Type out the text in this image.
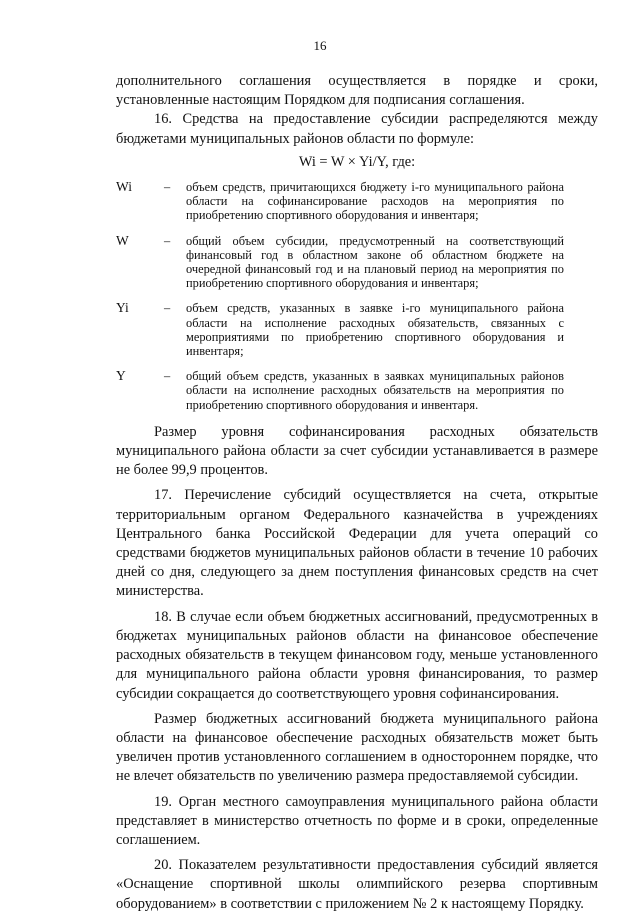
16

дополнительного соглашения осуществляется в порядке и сроки, установленные настоящим Порядком для подписания соглашения.

16. Средства на предоставление субсидии распределяются между бюджетами муниципальных районов области по формуле:

Wi = W × Yi/Y, где:

Wi	–	объем средств, причитающихся бюджету i-го муниципального района области на софинансирование расходов на мероприятия по приобретению спортивного оборудования и инвентаря;
W	–	общий объем субсидии, предусмотренный на соответствующий финансовый год в областном законе об областном бюджете на очередной финансовый год и на плановый период на мероприятия по приобретению спортивного оборудования и инвентаря;
Yi	–	объем средств, указанных в заявке i-го муниципального района области на исполнение расходных обязательств, связанных с мероприятиями по приобретению спортивного оборудования и инвентаря;
Y	–	общий объем средств, указанных в заявках муниципальных районов области на исполнение расходных обязательств на мероприятия по приобретению спортивного оборудования и инвентаря.

Размер уровня софинансирования расходных обязательств муниципального района области за счет субсидии устанавливается в размере не более 99,9 процентов.

17. Перечисление субсидий осуществляется на счета, открытые территориальным органом Федерального казначейства в учреждениях Центрального банка Российской Федерации для учета операций со средствами бюджетов муниципальных районов области в течение 10 рабочих дней со дня, следующего за днем поступления финансовых средств на счет министерства.

18. В случае если объем бюджетных ассигнований, предусмотренных в бюджетах муниципальных районов области на финансовое обеспечение расходных обязательств в текущем финансовом году, меньше установленного для муниципального района области уровня финансирования, то размер субсидии сокращается до соответствующего уровня софинансирования.

Размер бюджетных ассигнований бюджета муниципального района области на финансовое обеспечение расходных обязательств может быть увеличен против установленного соглашением в одностороннем порядке, что не влечет обязательств по увеличению размера предоставляемой субсидии.

19. Орган местного самоуправления муниципального района области представляет в министерство отчетность по форме и в сроки, определенные соглашением.

20. Показателем результативности предоставления субсидий является «Оснащение спортивной школы олимпийского резерва спортивным оборудованием» в соответствии с приложением № 2 к настоящему Порядку.
